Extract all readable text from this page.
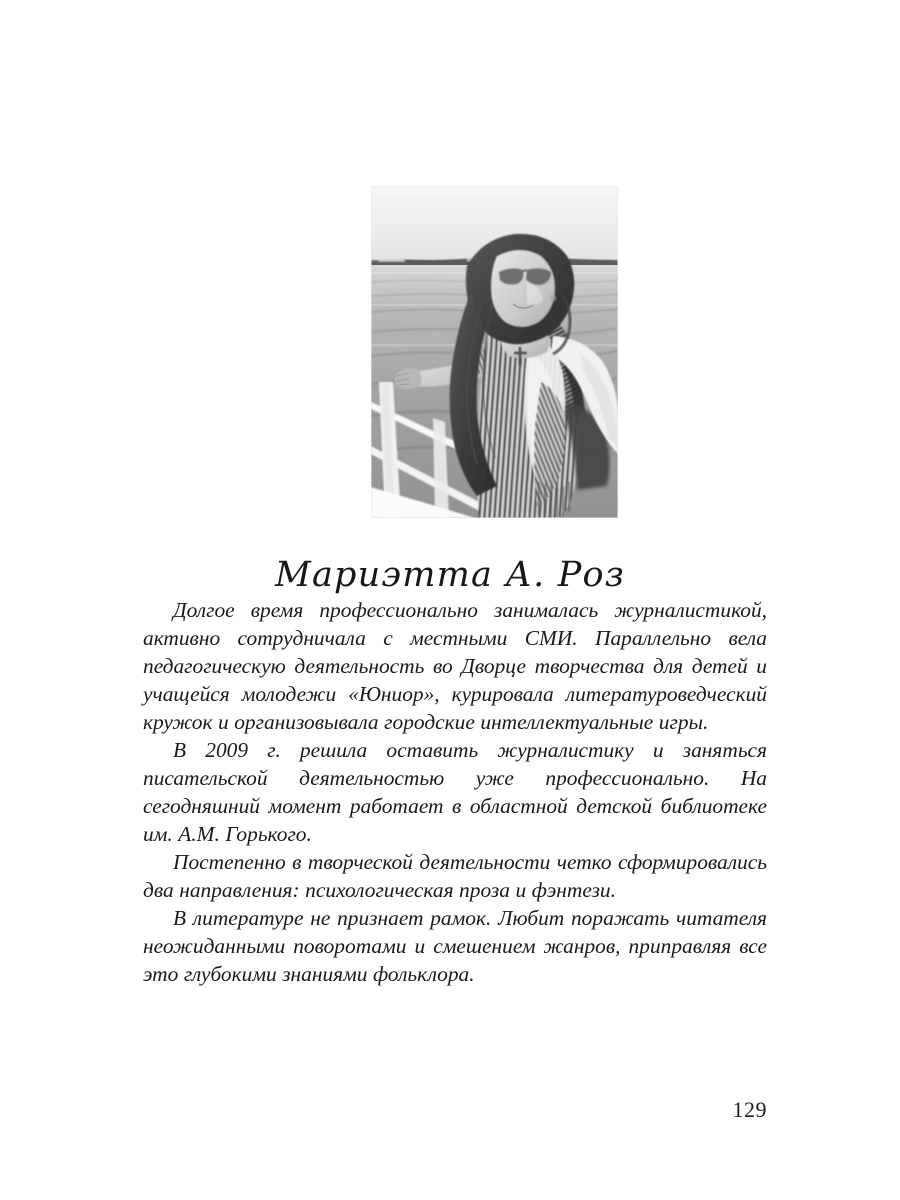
Мариэтта А. Роз

Долгое время профессионально занималась журналистикой, активно сотрудничала с местными СМИ. Параллельно вела педагогическую деятельность во Дворце творчества для детей и учащейся молодежи «Юниор», курировала литературоведческий кружок и организовывала городские интеллектуальные игры.

В 2009 г. решила оставить журналистику и заняться писательской деятельностью уже профессионально. На сегодняшний момент работает в областной детской библиотеке им. А.М. Горького.

Постепенно в творческой деятельности четко сформировались два направления: психологическая проза и фэнтези.

В литературе не признает рамок. Любит поражать читателя неожиданными поворотами и смешением жанров, приправляя все это глубокими знаниями фольклора.

129
